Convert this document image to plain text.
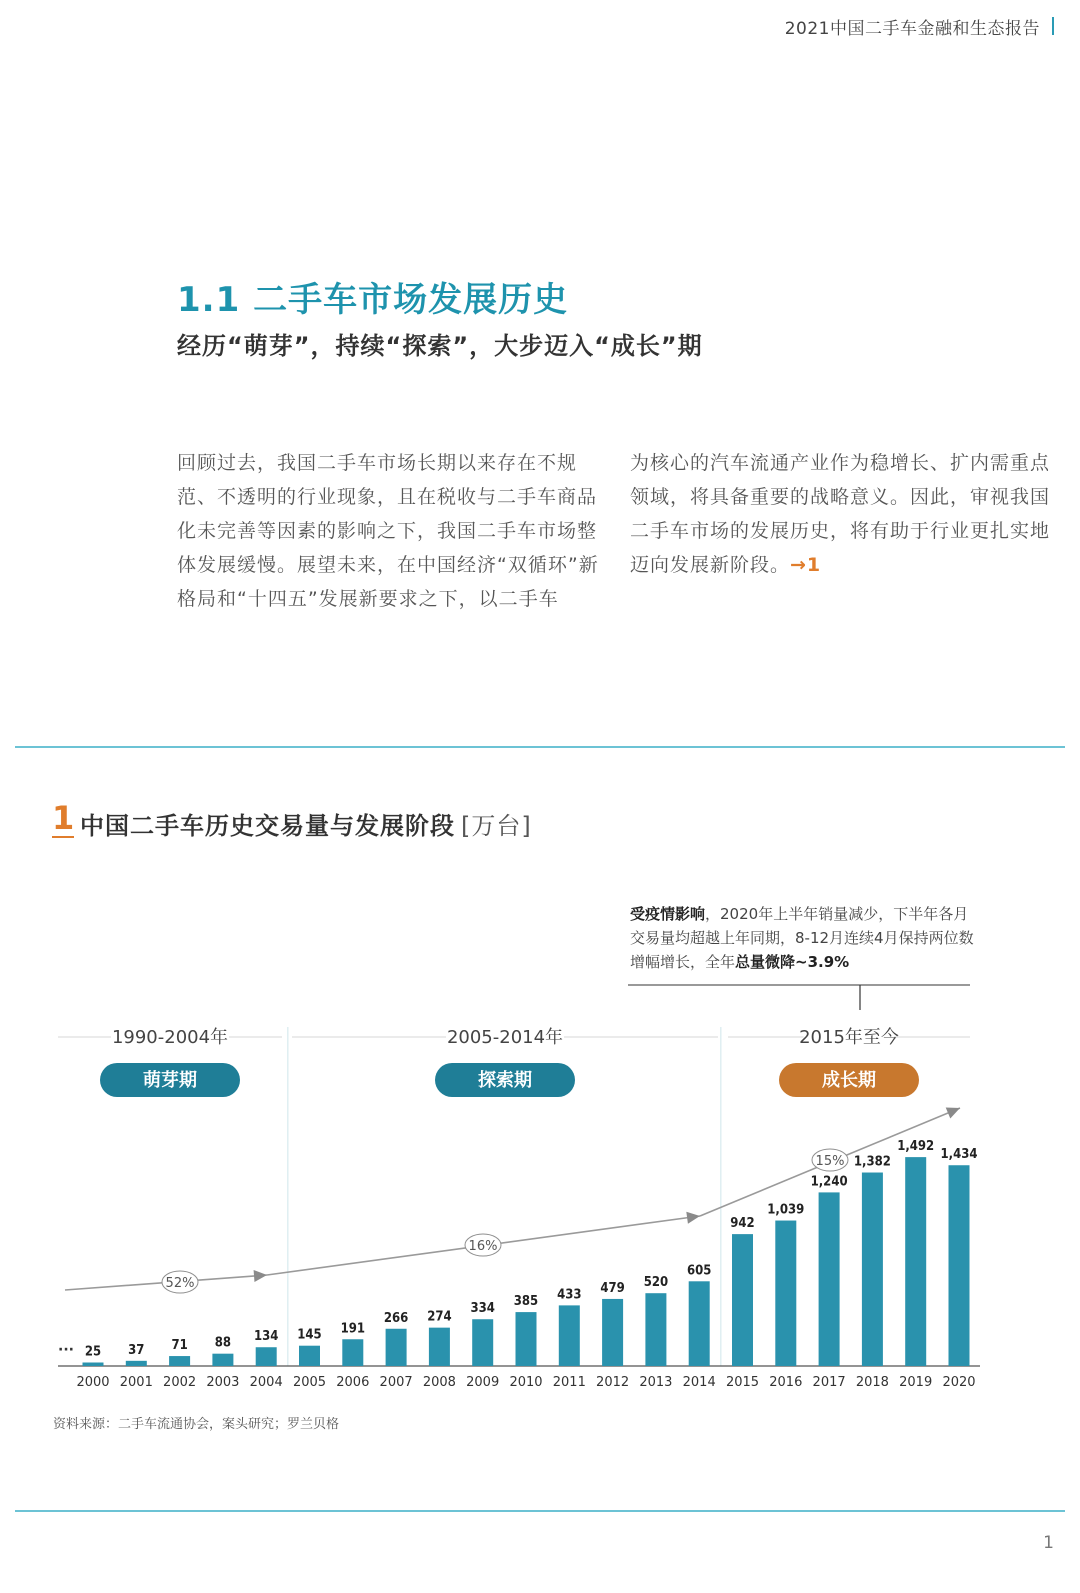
2021中国二手车金融和生态报告
1.1 二手车市场发展历史
经历“萌芽”，持续“探索”，大步迈入“成长”期
回顾过去，我国二手车市场长期以来存在不规范、不透明的行业现象，且在税收与二手车商品化未完善等因素的影响之下，我国二手车市场整体发展缓慢。展望未来，在中国经济“双循环”新格局和“十四五”发展新要求之下，以二手车
为核心的汽车流通产业作为稳增长、扩内需重点领域，将具备重要的战略意义。因此，审视我国二手车市场的发展历史，将有助于行业更扎实地迈向发展新阶段。→1
1 中国二手车历史交易量与发展阶段 [万台]
受疫情影响，2020年上半年销量减少，下半年各月交易量均超越上年同期，8-12月连续4月保持两位数增幅增长，全年总量微降~3.9%
1990-2004年
萌芽期
2005-2014年
探索期
2015年至今
成长期
52%
16%
15%
··· 25
2000
37
2001
71
2002
88
2003
134
2004
145
2005
191
2006
266
2007
274
2008
334
2009
385
2010
433
2011
479
2012
520
2013
605
2014
942
2015
1,039
2016
1,240
2017
1,382
2018
1,492
2019
1,434
2020
资料来源：二手车流通协会，案头研究；罗兰贝格
1
